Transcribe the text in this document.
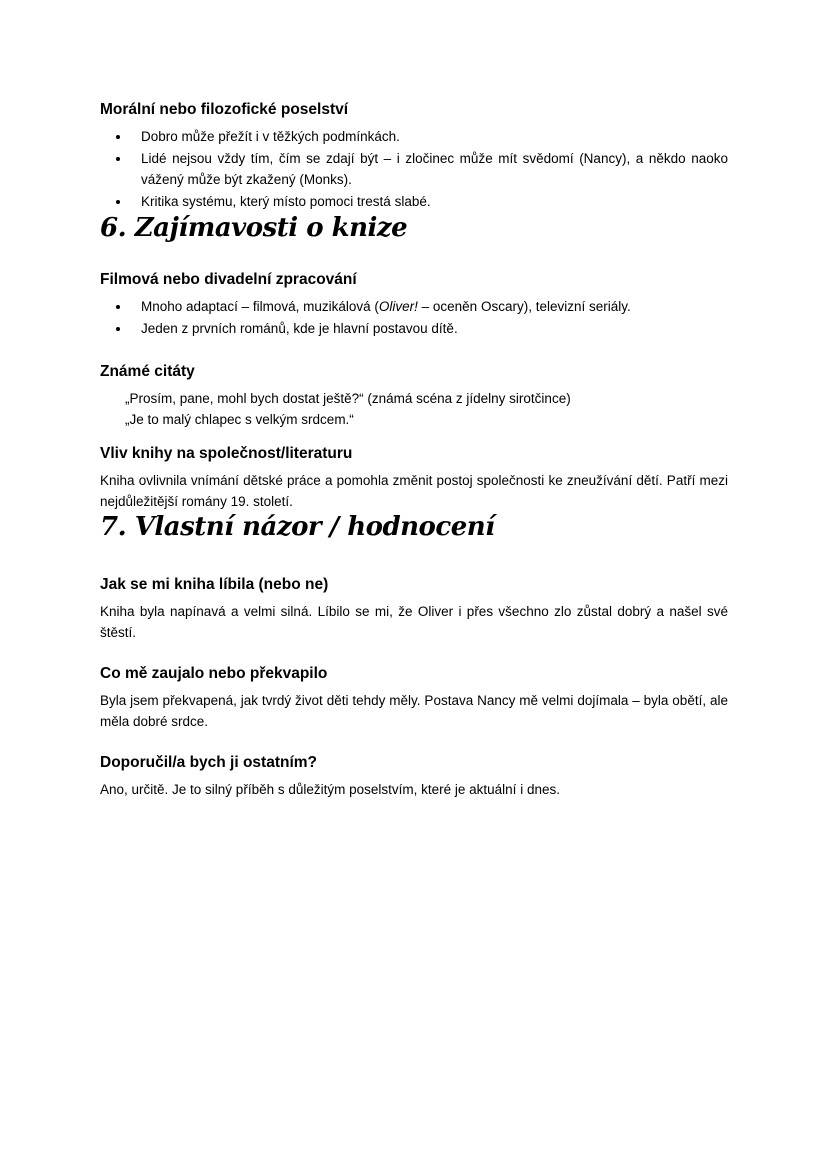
Morální nebo filozofické poselství
• Dobro může přežít i v těžkých podmínkách.
• Lidé nejsou vždy tím, čím se zdají být – i zločinec může mít svědomí (Nancy), a někdo naoko vážený může být zkažený (Monks).
• Kritika systému, který místo pomoci trestá slabé.
6. Zajímavosti o knize
Filmová nebo divadelní zpracování
• Mnoho adaptací – filmová, muzikálová (Oliver! – oceněn Oscary), televizní seriály.
• Jeden z prvních románů, kde je hlavní postavou dítě.
Známé citáty

„Prosím, pane, mohl bych dostat ještě?“ (známá scéna z jídelny sirotčince)

„Je to malý chlapec s velkým srdcem.“

Vliv knihy na společnost/literaturu

Kniha ovlivnila vnímání dětské práce a pomohla změnit postoj společnosti ke zneužívání dětí. Patří mezi nejdůležitější romány 19. století.

7. Vlastní názor / hodnocení
Jak se mi kniha líbila (nebo ne)

Kniha byla napínavá a velmi silná. Líbilo se mi, že Oliver i přes všechno zlo zůstal dobrý a našel své štěstí.

Co mě zaujalo nebo překvapilo

Byla jsem překvapená, jak tvrdý život děti tehdy měly. Postava Nancy mě velmi dojímala – byla obětí, ale měla dobré srdce.

Doporučil/a bych ji ostatním?

Ano, určitě. Je to silný příběh s důležitým poselstvím, které je aktuální i dnes.
